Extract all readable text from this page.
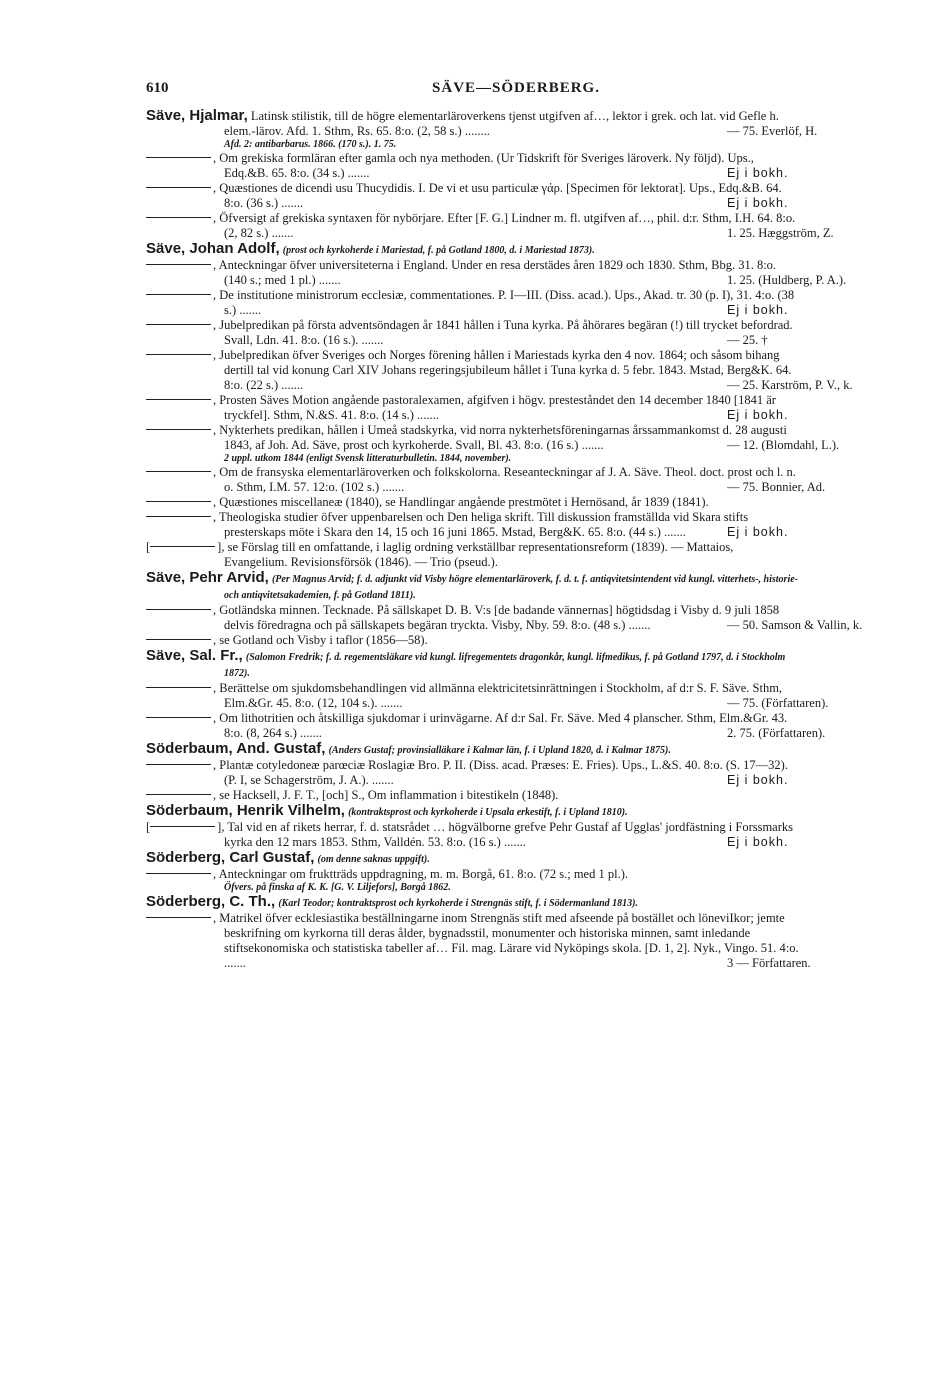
610	SÄVE—SÖDERBERG.
Säve, Hjalmar, Latinsk stilistik, till de högre elementarläroverkens tjenst utgifven af…, lektor i grek. och lat. vid Gefle h. elem.-lärov. Afd. 1. Sthm, Rs. 65. 8:o. (2, 58 s.) ........	— 75. Everlöf, H.
Afd. 2: antibarbarus. 1866. (170 s.). 1. 75.
, Om grekiska formläran efter gamla och nya methoden. (Ur Tidskrift för Sveriges läroverk. Ny följd). Ups., Edq.&B. 65. 8:o. (34 s.) .......	Ej i bokh.
, Quæstiones de dicendi usu Thucydidis. I. De vi et usu particulæ γάρ. [Specimen för lektorat]. Ups., Edq.&B. 64. 8:o. (36 s.) .......	Ej i bokh.
, Öfversigt af grekiska syntaxen för nybörjare. Efter [F. G.] Lindner m. fl. utgifven af…, phil. d:r. Sthm, I.H. 64. 8:o. (2, 82 s.) .......	1. 25. Hæggström, Z.
Säve, Johan Adolf, (prost och kyrkoherde i Mariestad, f. på Gotland 1800, d. i Mariestad 1873).
, Anteckningar öfver universiteterna i England. Under en resa derstädes åren 1829 och 1830. Sthm, Bbg. 31. 8:o. (140 s.; med 1 pl.) .......	1. 25. (Huldberg, P. A.).
, De institutione ministrorum ecclesiæ, commentationes. P. I—III. (Diss. acad.). Ups., Akad. tr. 30 (p. I), 31. 4:o. (38 s.) .......	Ej i bokh.
, Jubelpredikan på första adventsöndagen år 1841 hållen i Tuna kyrka. På åhörares begäran (!) till trycket befordrad. Svall, Ldn. 41. 8:o. (16 s.). .......	— 25. †
, Jubelpredikan öfver Sveriges och Norges förening hållen i Mariestads kyrka den 4 nov. 1864; och såsom bihang dertill tal vid konung Carl XIV Johans regeringsjubileum hållet i Tuna kyrka d. 5 febr. 1843. Mstad, Berg&K. 64. 8:o. (22 s.) .......	— 25. Karström, P. V., k.
, Prosten Säves Motion angående pastoralexamen, afgifven i högv. presteståndet den 14 december 1840 [1841 är tryckfel]. Sthm, N.&S. 41. 8:o. (14 s.) .......	Ej i bokh.
, Nykterhets predikan, hållen i Umeå stadskyrka, vid norra nykterhetsföreningarnas årssammankomst d. 28 augusti 1843, af Joh. Ad. Säve, prost och kyrkoherde. Svall, Bl. 43. 8:o. (16 s.) .......	— 12. (Blomdahl, L.).
2 uppl. utkom 1844 (enligt Svensk litteraturbulletin. 1844, november).
, Om de fransyska elementarläroverken och folkskolorna. Reseanteckningar af J. A. Säve. Theol. doct. prost och l. n. o. Sthm, I.M. 57. 12:o. (102 s.) .......	— 75. Bonnier, Ad.
, Quæstiones miscellaneæ (1840), se Handlingar angående prestmötet i Hernösand, år 1839 (1841).
, Theologiska studier öfver uppenbarelsen och Den heliga skrift. Till diskussion framställda vid Skara stifts presterskaps möte i Skara den 14, 15 och 16 juni 1865. Mstad, Berg&K. 65. 8:o. (44 s.) .......	Ej i bokh.
[	], se Förslag till en omfattande, i laglig ordning verkställbar representationsreform (1839). — Mattaios, Evangelium. Revisionsförsök (1846). — Trio (pseud.).
Säve, Pehr Arvid, (Per Magnus Arvid; f. d. adjunkt vid Visby högre elementarläroverk, f. d. t. f. antiqvitetsintendent vid kungl. vitterhets-, historie- och antiqvitetsakademien, f. på Gotland 1811).
, Gotländska minnen. Tecknade. På sällskapet D. B. V:s [de badande vännernas] högtidsdag i Visby d. 9 juli 1858 delvis föredragna och på sällskapets begäran tryckta. Visby, Nby. 59. 8:o. (48 s.) .......	— 50. Samson & Vallin, k.
, se Gotland och Visby i taflor (1856—58).
Säve, Sal. Fr., (Salomon Fredrik; f. d. regementsläkare vid kungl. lifregementets dragonkår, kungl. lifmedikus, f. på Gotland 1797, d. i Stockholm 1872).
, Berättelse om sjukdomsbehandlingen vid allmänna elektricitetsinrättningen i Stockholm, af d:r S. F. Säve. Sthm, Elm.&Gr. 45. 8:o. (12, 104 s.). .......	— 75. (Författaren).
, Om lithotritien och åtskilliga sjukdomar i urinvägarne. Af d:r Sal. Fr. Säve. Med 4 planscher. Sthm, Elm.&Gr. 43. 8:o. (8, 264 s.) .......	2. 75. (Författaren).
Söderbaum, And. Gustaf, (Anders Gustaf; provinsialläkare i Kalmar län, f. i Upland 1820, d. i Kalmar 1875).
, Plantæ cotyledoneæ parœciæ Roslagiæ Bro. P. II. (Diss. acad. Præses: E. Fries). Ups., L.&S. 40. 8:o. (S. 17—32). (P. I, se Schagerström, J. A.). .......	Ej i bokh.
, se Hacksell, J. F. T., [och] S., Om inflammation i bitestikeln (1848).
Söderbaum, Henrik Vilhelm, (kontraktsprost och kyrkoherde i Upsala erkestift, f. i Upland 1810).
[	], Tal vid en af rikets herrar, f. d. statsrådet … högvälborne grefve Pehr Gustaf af Ugglas' jordfästning i Forssmarks kyrka den 12 mars 1853. Sthm, Valldén. 53. 8:o. (16 s.) .......	Ej i bokh.
Söderberg, Carl Gustaf, (om denne saknas uppgift).
, Anteckningar om fruktträds uppdragning, m. m. Borgå, 61. 8:o. (72 s.; med 1 pl.).
Öfvers. på finska af K. K. [G. V. Liljefors], Borgå 1862.
Söderberg, C. Th., (Karl Teodor; kontraktsprost och kyrkoherde i Strengnäs stift, f. i Södermanland 1813).
, Matrikel öfver ecklesiastika beställningarne inom Strengnäs stift med afseende på bostället och löneviIkor; jemte beskrifning om kyrkorna till deras ålder, bygnadsstil, monumenter och historiska minnen, samt inledande stiftsekonomiska och statistiska tabeller af… Fil. mag. Lärare vid Nyköpings skola. [D. 1, 2]. Nyk., Vingo. 51. 4:o. .......	3 — Författaren.
